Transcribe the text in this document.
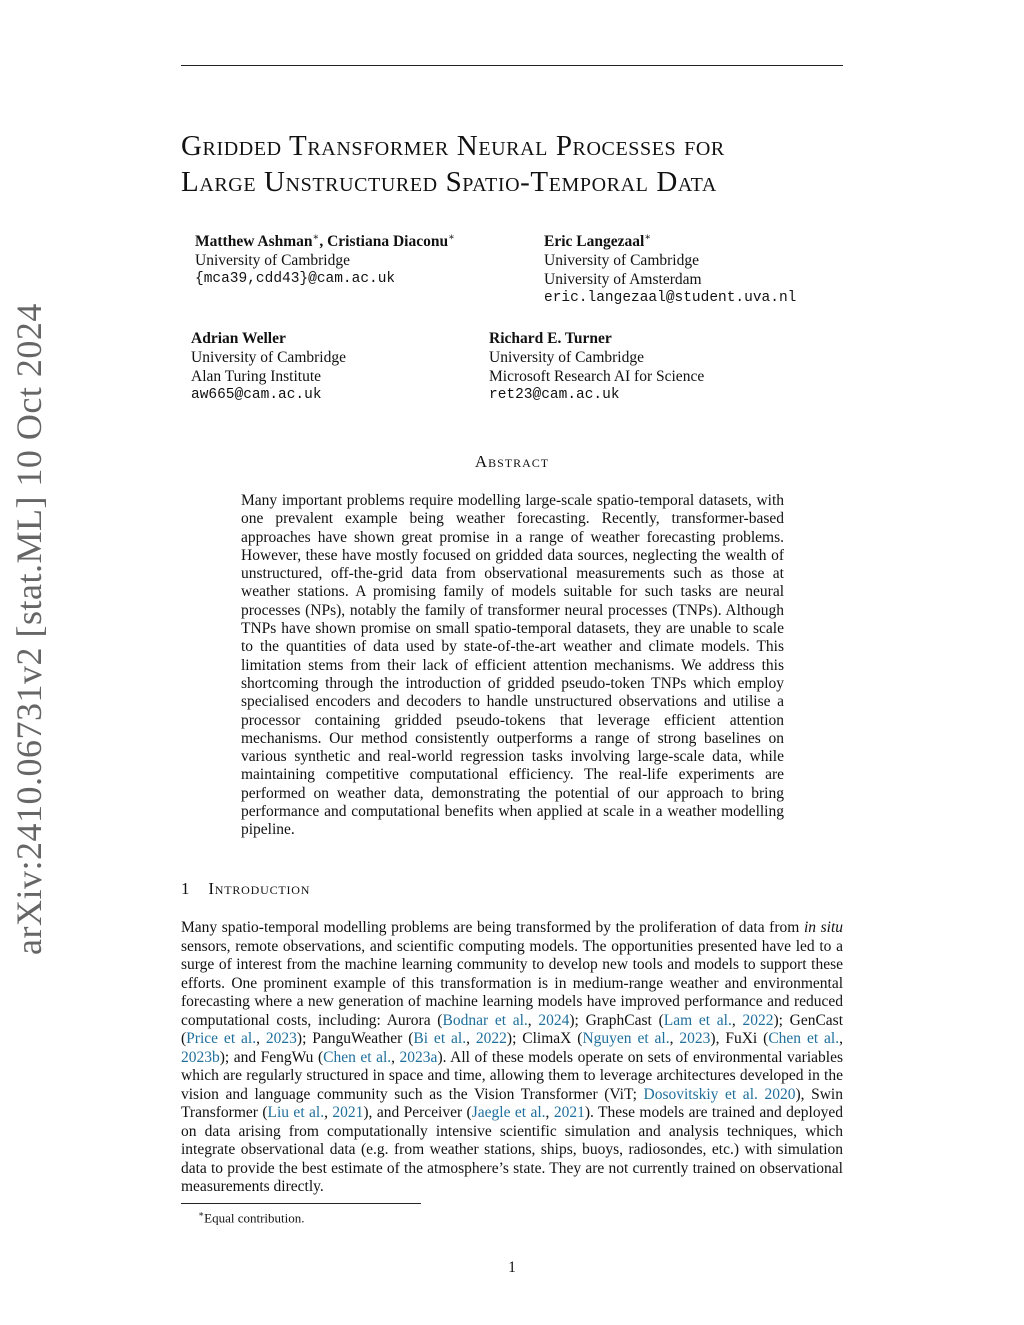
arXiv:2410.06731v2 [stat.ML] 10 Oct 2024
Gridded Transformer Neural Processes for
Large Unstructured Spatio-Temporal Data
Matthew Ashman∗, Cristiana Diaconu∗
University of Cambridge
{mca39,cdd43}@cam.ac.uk
Eric Langezaal∗
University of Cambridge
University of Amsterdam
eric.langezaal@student.uva.nl
Adrian Weller
University of Cambridge
Alan Turing Institute
aw665@cam.ac.uk
Richard E. Turner
University of Cambridge
Microsoft Research AI for Science
ret23@cam.ac.uk
Abstract
Many important problems require modelling large-scale spatio-temporal datasets, with one prevalent example being weather forecasting. Recently, transformer-based approaches have shown great promise in a range of weather forecasting problems. However, these have mostly focused on gridded data sources, neglecting the wealth of unstructured, off-the-grid data from observational measurements such as those at weather stations. A promising family of models suitable for such tasks are neural processes (NPs), notably the family of transformer neural processes (TNPs). Although TNPs have shown promise on small spatio-temporal datasets, they are unable to scale to the quantities of data used by state-of-the-art weather and climate models. This limitation stems from their lack of efficient attention mechanisms. We address this shortcoming through the introduction of gridded pseudo-token TNPs which employ specialised encoders and decoders to handle unstructured observations and utilise a processor containing gridded pseudo-tokens that leverage efficient attention mechanisms. Our method consistently outperforms a range of strong baselines on various synthetic and real-world regression tasks involving large-scale data, while maintaining competitive computational efficiency. The real-life experiments are performed on weather data, demonstrating the potential of our approach to bring performance and computational benefits when applied at scale in a weather modelling pipeline.
1 Introduction
Many spatio-temporal modelling problems are being transformed by the proliferation of data from in situ sensors, remote observations, and scientific computing models. The opportunities presented have led to a surge of interest from the machine learning community to develop new tools and models to support these efforts. One prominent example of this transformation is in medium-range weather and environmental forecasting where a new generation of machine learning models have improved performance and reduced computational costs, including: Aurora (Bodnar et al., 2024); GraphCast (Lam et al., 2022); GenCast (Price et al., 2023); PanguWeather (Bi et al., 2022); ClimaX (Nguyen et al., 2023), FuXi (Chen et al., 2023b); and FengWu (Chen et al., 2023a). All of these models operate on sets of environmental variables which are regularly structured in space and time, allowing them to leverage architectures developed in the vision and language community such as the Vision Transformer (ViT; Dosovitskiy et al. 2020), Swin Transformer (Liu et al., 2021), and Perceiver (Jaegle et al., 2021). These models are trained and deployed on data arising from computationally intensive scientific simulation and analysis techniques, which integrate observational data (e.g. from weather stations, ships, buoys, radiosondes, etc.) with simulation data to provide the best estimate of the atmosphere’s state. They are not currently trained on observational measurements directly.
∗Equal contribution.
1
